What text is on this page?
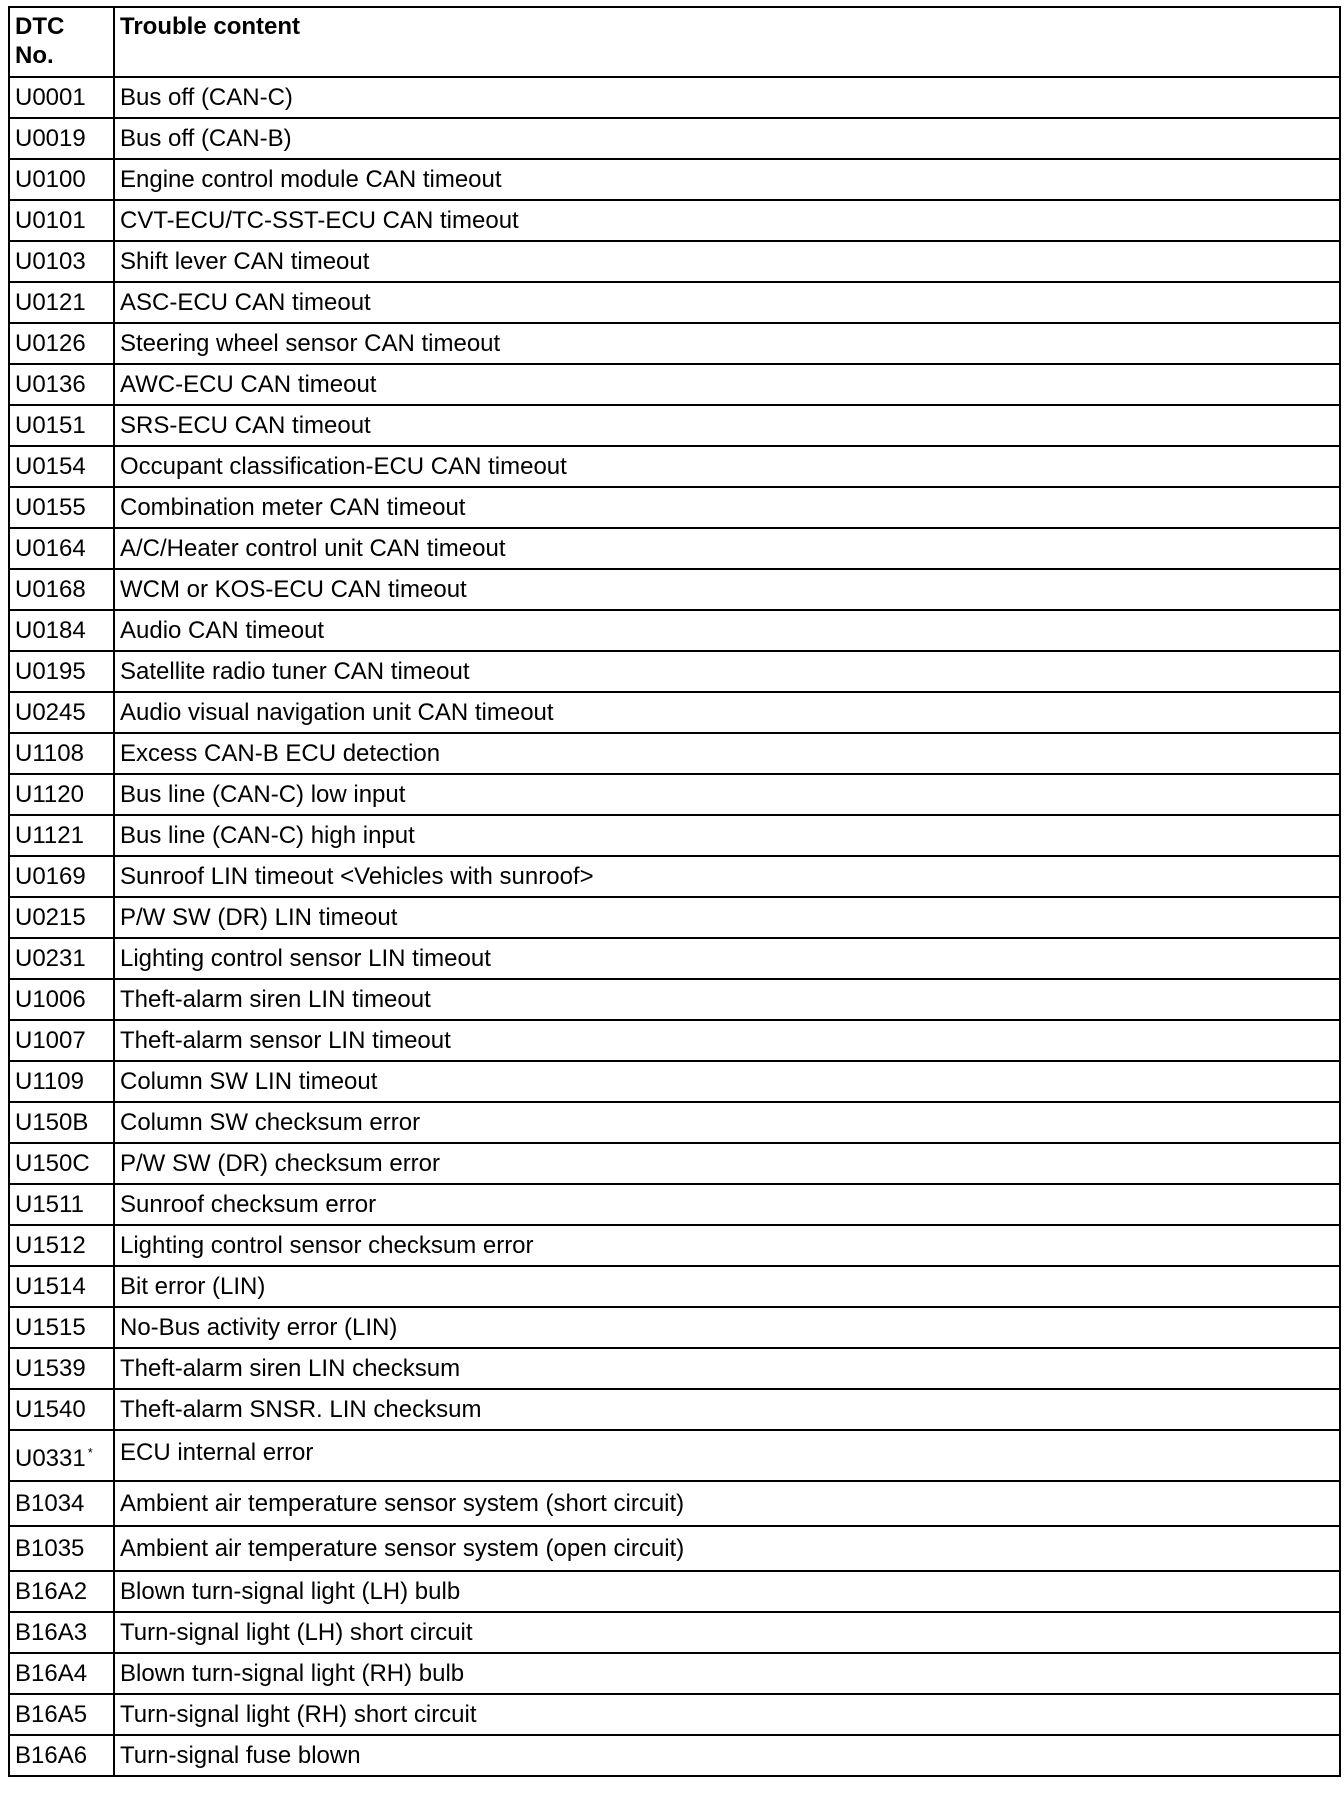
DTC
No.	Trouble content
U0001	Bus off (CAN-C)
U0019	Bus off (CAN-B)
U0100	Engine control module CAN timeout
U0101	CVT-ECU/TC-SST-ECU CAN timeout
U0103	Shift lever CAN timeout
U0121	ASC-ECU CAN timeout
U0126	Steering wheel sensor CAN timeout
U0136	AWC-ECU CAN timeout
U0151	SRS-ECU CAN timeout
U0154	Occupant classification-ECU CAN timeout
U0155	Combination meter CAN timeout
U0164	A/C/Heater control unit CAN timeout
U0168	WCM or KOS-ECU CAN timeout
U0184	Audio CAN timeout
U0195	Satellite radio tuner CAN timeout
U0245	Audio visual navigation unit CAN timeout
U1108	Excess CAN-B ECU detection
U1120	Bus line (CAN-C) low input
U1121	Bus line (CAN-C) high input
U0169	Sunroof LIN timeout <Vehicles with sunroof>
U0215	P/W SW (DR) LIN timeout
U0231	Lighting control sensor LIN timeout
U1006	Theft-alarm siren LIN timeout
U1007	Theft-alarm sensor LIN timeout
U1109	Column SW LIN timeout
U150B	Column SW checksum error
U150C	P/W SW (DR) checksum error
U1511	Sunroof checksum error
U1512	Lighting control sensor checksum error
U1514	Bit error (LIN)
U1515	No-Bus activity error (LIN)
U1539	Theft-alarm siren LIN checksum
U1540	Theft-alarm SNSR. LIN checksum
U0331 *	ECU internal error
B1034	Ambient air temperature sensor system (short circuit)
B1035	Ambient air temperature sensor system (open circuit)
B16A2	Blown turn-signal light (LH) bulb
B16A3	Turn-signal light (LH) short circuit
B16A4	Blown turn-signal light (RH) bulb
B16A5	Turn-signal light (RH) short circuit
B16A6	Turn-signal fuse blown
